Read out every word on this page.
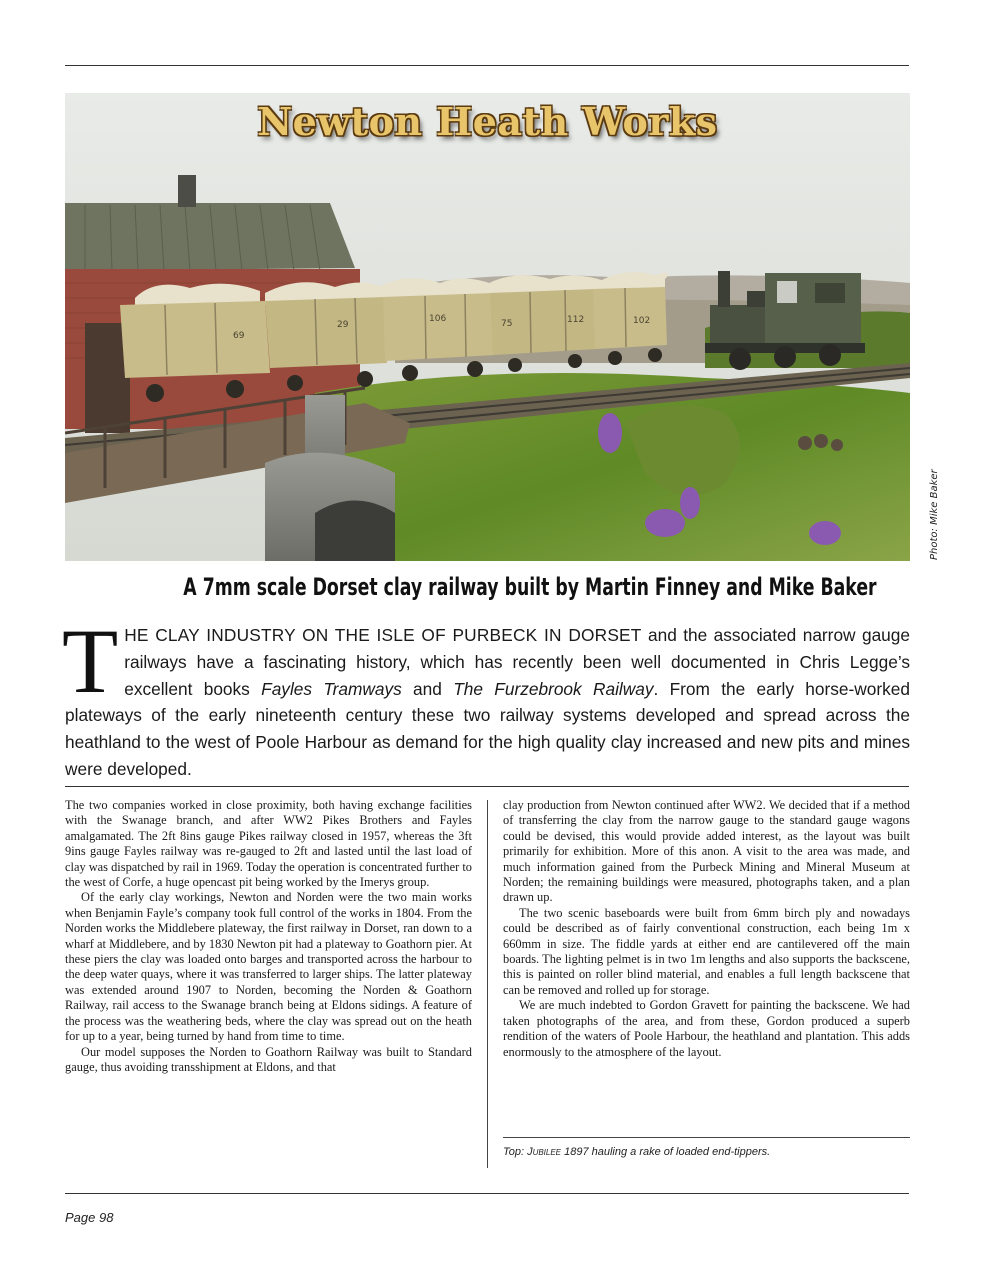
69
29
106	75	112	102
Newton Heath Works
Photo: Mike Baker
A 7mm scale Dorset clay railway built by Martin Finney and Mike Baker

THE CLAY INDUSTRY ON THE ISLE OF PURBECK IN DORSET and the associated narrow gauge railways have a fascinating history, which has recently been well documented in Chris Legge’s excellent books Fayles Tramways and The Furzebrook Railway. From the early horse-worked plateways of the early nineteenth century these two railway systems developed and spread across the heathland to the west of Poole Harbour as demand for the high quality clay increased and new pits and mines were developed.

The two companies worked in close proximity, both having exchange facilities with the Swanage branch, and after WW2 Pikes Brothers and Fayles amalgamated. The 2ft 8ins gauge Pikes railway closed in 1957, whereas the 3ft 9ins gauge Fayles railway was re-gauged to 2ft and lasted until the last load of clay was dispatched by rail in 1969. Today the operation is concentrated further to the west of Corfe, a huge opencast pit being worked by the Imerys group.

Of the early clay workings, Newton and Norden were the two main works when Benjamin Fayle’s company took full control of the works in 1804. From the Norden works the Middlebere plateway, the first railway in Dorset, ran down to a wharf at Middlebere, and by 1830 Newton pit had a plateway to Goathorn pier. At these piers the clay was loaded onto barges and transported across the harbour to the deep water quays, where it was transferred to larger ships. The latter plateway was extended around 1907 to Norden, becoming the Norden & Goathorn Railway, rail access to the Swanage branch being at Eldons sidings. A feature of the process was the weathering beds, where the clay was spread out on the heath for up to a year, being turned by hand from time to time.

Our model supposes the Norden to Goathorn Railway was built to Standard gauge, thus avoiding transshipment at Eldons, and that

clay production from Newton continued after WW2. We decided that if a method of transferring the clay from the narrow gauge to the standard gauge wagons could be devised, this would provide added interest, as the layout was built primarily for exhibition. More of this anon. A visit to the area was made, and much information gained from the Purbeck Mining and Mineral Museum at Norden; the remaining buildings were measured, photographs taken, and a plan drawn up.

The two scenic baseboards were built from 6mm birch ply and nowadays could be described as of fairly conventional construction, each being 1m x 660mm in size. The fiddle yards at either end are cantilevered off the main boards. The lighting pelmet is in two 1m lengths and also supports the backscene, this is painted on roller blind material, and enables a full length backscene that can be removed and rolled up for storage.

We are much indebted to Gordon Gravett for painting the backscene. We had taken photographs of the area, and from these, Gordon produced a superb rendition of the waters of Poole Harbour, the heathland and plantation. This adds enormously to the atmosphere of the layout.

Top: Jubilee 1897 hauling a rake of loaded end-tippers.
Page 98
